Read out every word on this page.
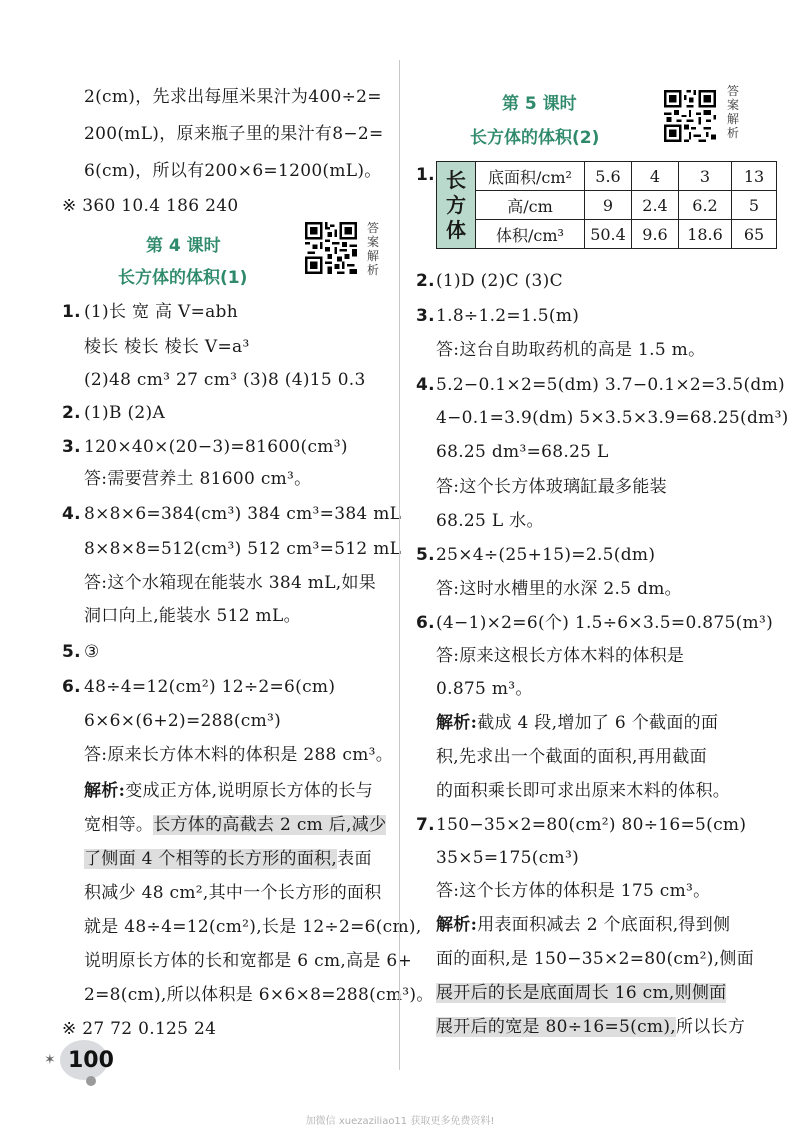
2(cm)，先求出每厘米果汁为400÷2=
200(mL)，原来瓶子里的果汁有8−2=
6(cm)，所以有200×6=1200(mL)。
※ 360 10.4 186 240
第 4 课时
长方体的体积(1)
答案解析
1. (1)长 宽 高 V=abh
棱长 棱长 棱长 V=a³
(2)48 cm³ 27 cm³ (3)8 (4)15 0.3
2. (1)B (2)A
3. 120×40×(20−3)=81600(cm³)
答:需要营养土 81600 cm³。
4. 8×8×6=384(cm³) 384 cm³=384 mL
8×8×8=512(cm³) 512 cm³=512 mL
答:这个水箱现在能装水 384 mL,如果
洞口向上,能装水 512 mL。
5. ③
6. 48÷4=12(cm²) 12÷2=6(cm)
6×6×(6+2)=288(cm³)
答:原来长方体木料的体积是 288 cm³。
解析:变成正方体,说明原长方体的长与
宽相等。长方体的高截去 2 cm 后,减少
了侧面 4 个相等的长方形的面积,表面
积减少 48 cm²,其中一个长方形的面积
就是 48÷4=12(cm²),长是 12÷2=6(cm),
说明原长方体的长和宽都是 6 cm,高是 6+
2=8(cm),所以体积是 6×6×8=288(cm³)。
※ 27 72 0.125 24
第 5 课时
长方体的体积(2)
答案解析
1. 长方体	底面积/cm²	5.6	4	3	13
	高/cm	9	2.4	6.2	5
	体积/cm³	50.4	9.6	18.6	65
2. (1)D (2)C (3)C
3. 1.8÷1.2=1.5(m)
答:这台自助取药机的高是 1.5 m。
4. 5.2−0.1×2=5(dm) 3.7−0.1×2=3.5(dm)
4−0.1=3.9(dm) 5×3.5×3.9=68.25(dm³)
68.25 dm³=68.25 L
答:这个长方体玻璃缸最多能装
68.25 L 水。
5. 25×4÷(25+15)=2.5(dm)
答:这时水槽里的水深 2.5 dm。
6. (4−1)×2=6(个) 1.5÷6×3.5=0.875(m³)
答:原来这根长方体木料的体积是
0.875 m³。
解析:截成 4 段,增加了 6 个截面的面
积,先求出一个截面的面积,再用截面
的面积乘长即可求出原来木料的体积。
7. 150−35×2=80(cm²) 80÷16=5(cm)
35×5=175(cm³)
答:这个长方体的体积是 175 cm³。
解析:用表面积减去 2 个底面积,得到侧
面的面积,是 150−35×2=80(cm²),侧面
展开后的长是底面周长 16 cm,则侧面
展开后的宽是 80÷16=5(cm),所以长方
✶ 100
加微信 xuezaziliao11 获取更多免费资料!
